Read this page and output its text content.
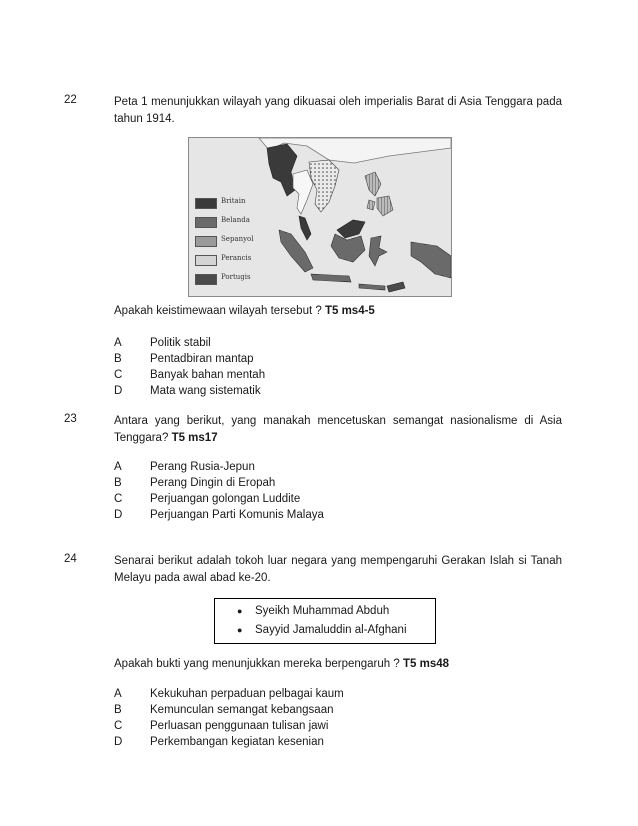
22	Peta 1 menunjukkan wilayah yang dikuasai oleh imperialis Barat di Asia Tenggara pada tahun 1914.
Britain
Belanda
Sepanyol
Perancis
Portugis
Apakah keistimewaan wilayah tersebut ? T5 ms4-5
A Politik stabil
B Pentadbiran mantap
C Banyak bahan mentah
D Mata wang sistematik
23	Antara yang berikut, yang manakah mencetuskan semangat nasionalisme di Asia Tenggara? T5 ms17
A Perang Rusia-Jepun
B Perang Dingin di Eropah
C Perjuangan golongan Luddite
D Perjuangan Parti Komunis Malaya
24	Senarai berikut adalah tokoh luar negara yang mempengaruhi Gerakan Islah si Tanah Melayu pada awal abad ke-20.
● Syeikh Muhammad Abduh
● Sayyid Jamaluddin al-Afghani
Apakah bukti yang menunjukkan mereka berpengaruh ? T5 ms48
A Kekukuhan perpaduan pelbagai kaum
B Kemunculan semangat kebangsaan
C Perluasan penggunaan tulisan jawi
D Perkembangan kegiatan kesenian
